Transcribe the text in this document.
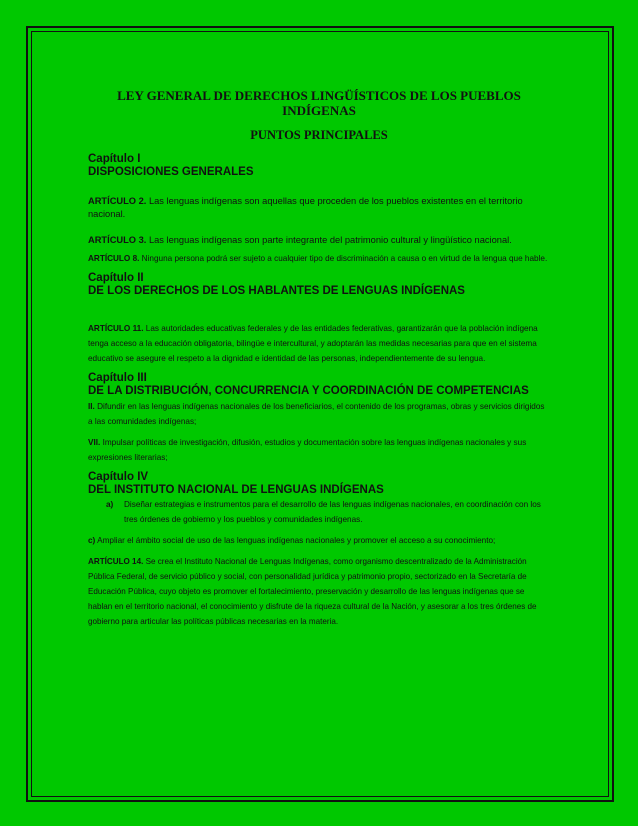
LEY GENERAL DE DERECHOS LINGÜÍSTICOS DE LOS PUEBLOS
INDÍGENAS
PUNTOS PRINCIPALES

Capítulo I

DISPOSICIONES GENERALES

ARTÍCULO 2. Las lenguas indígenas son aquellas que proceden de los pueblos existentes en el territorio nacional.

ARTÍCULO 3. Las lenguas indígenas son parte integrante del patrimonio cultural y lingüístico nacional.

ARTÍCULO 8. Ninguna persona podrá ser sujeto a cualquier tipo de discriminación a causa o en virtud de la lengua que hable.

Capítulo II

DE LOS DERECHOS DE LOS HABLANTES DE LENGUAS INDÍGENAS

ARTÍCULO 11. Las autoridades educativas federales y de las entidades federativas, garantizarán que la población indígena tenga acceso a la educación obligatoria, bilingüe e intercultural, y adoptarán las medidas necesarias para que en el sistema educativo se asegure el respeto a la dignidad e identidad de las personas, independientemente de su lengua.

Capítulo III

DE LA DISTRIBUCIÓN, CONCURRENCIA Y COORDINACIÓN DE COMPETENCIAS

II. Difundir en las lenguas indígenas nacionales de los beneficiarios, el contenido de los programas, obras y servicios dirigidos a las comunidades indígenas;

VII. Impulsar políticas de investigación, difusión, estudios y documentación sobre las lenguas indígenas nacionales y sus expresiones literarias;

Capítulo IV

DEL INSTITUTO NACIONAL DE LENGUAS INDÍGENAS

a) Diseñar estrategias e instrumentos para el desarrollo de las lenguas indígenas nacionales, en coordinación con los tres órdenes de gobierno y los pueblos y comunidades indígenas.

c) Ampliar el ámbito social de uso de las lenguas indígenas nacionales y promover el acceso a su conocimiento;

ARTÍCULO 14. Se crea el Instituto Nacional de Lenguas Indígenas, como organismo descentralizado de la Administración Pública Federal, de servicio público y social, con personalidad jurídica y patrimonio propio, sectorizado en la Secretaría de Educación Pública, cuyo objeto es promover el fortalecimiento, preservación y desarrollo de las lenguas indígenas que se hablan en el territorio nacional, el conocimiento y disfrute de la riqueza cultural de la Nación, y asesorar a los tres órdenes de gobierno para articular las políticas públicas necesarias en la materia.
